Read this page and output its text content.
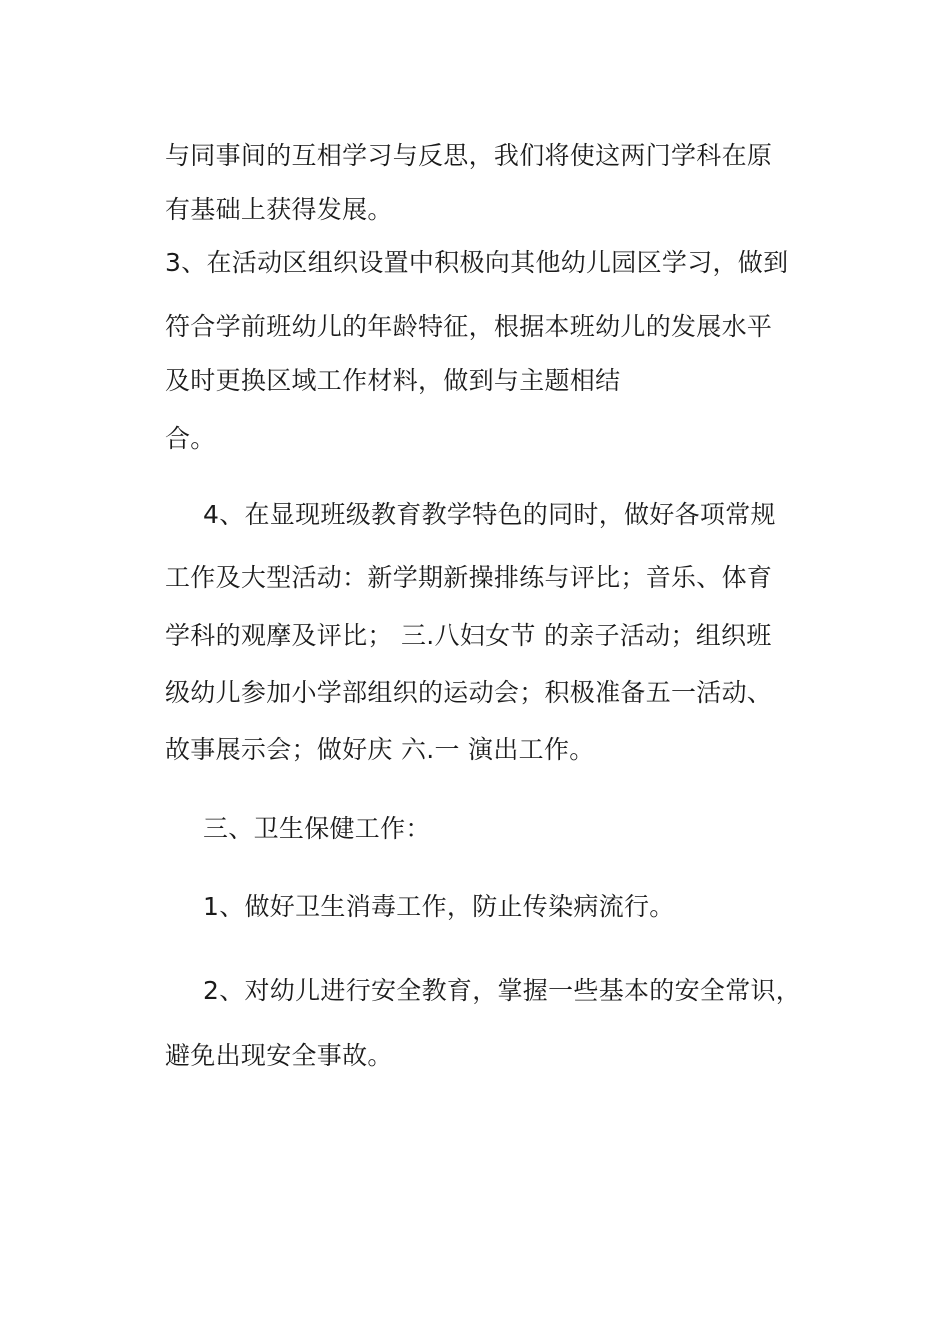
与同事间的互相学习与反思，我们将使这两门学科在原
有基础上获得发展。
3、在活动区组织设置中积极向其他幼儿园区学习，做到
符合学前班幼儿的年龄特征，根据本班幼儿的发展水平
及时更换区域工作材料，做到与主题相结
合。
4、在显现班级教育教学特色的同时，做好各项常规
工作及大型活动：新学期新操排练与评比；音乐、体育
学科的观摩及评比； 三.八妇女节 的亲子活动；组织班
级幼儿参加小学部组织的运动会；积极准备五一活动、
故事展示会；做好庆 六.一 演出工作。
三、卫生保健工作：
1、做好卫生消毒工作，防止传染病流行。
2、对幼儿进行安全教育，掌握一些基本的安全常识，
避免出现安全事故。
